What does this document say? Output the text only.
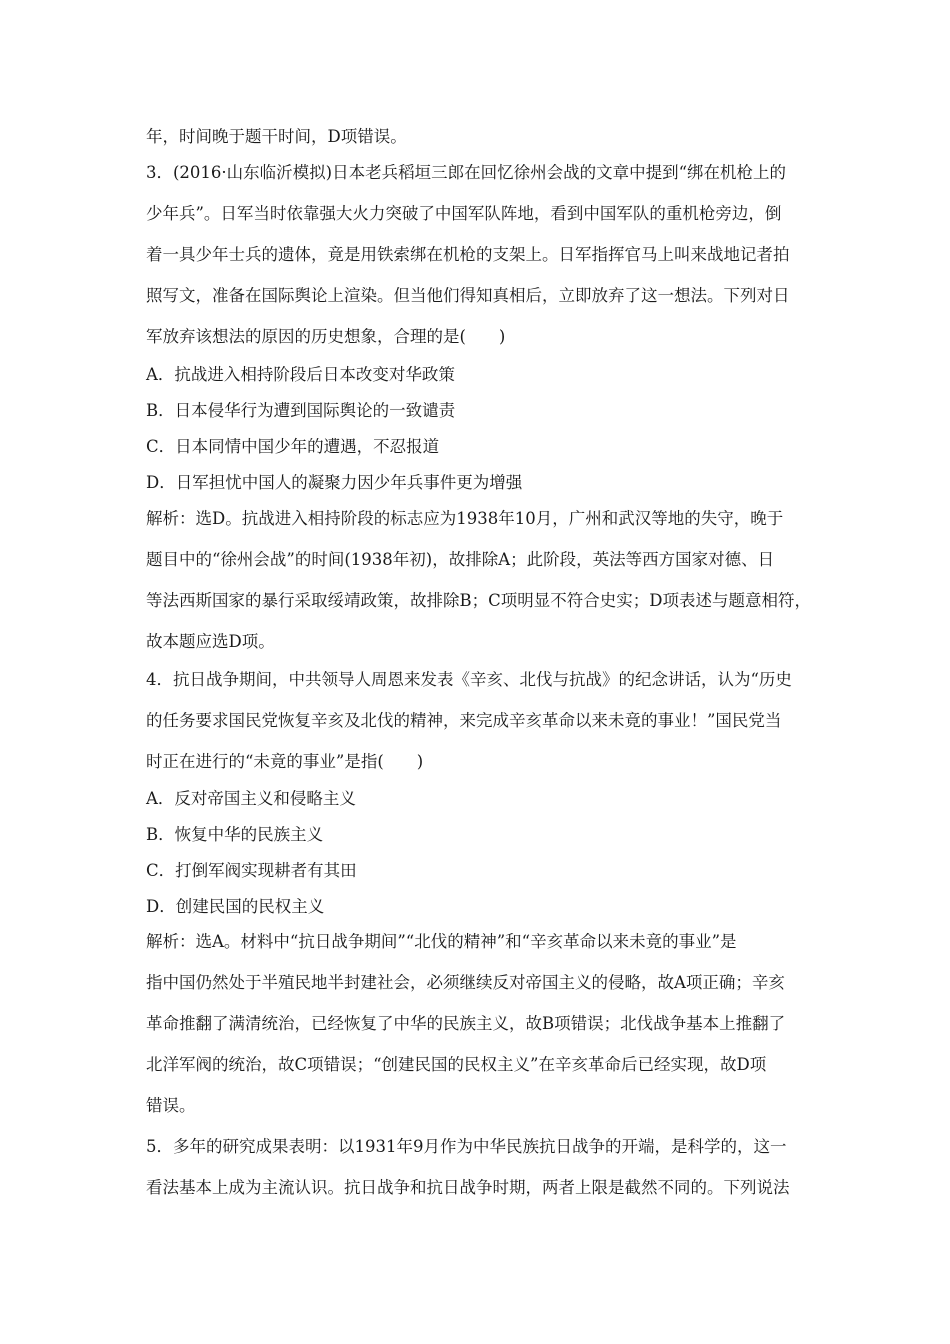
年，时间晚于题干时间，D项错误。
3．(2016·山东临沂模拟)日本老兵稻垣三郎在回忆徐州会战的文章中提到“绑在机枪上的
少年兵”。日军当时依靠强大火力突破了中国军队阵地，看到中国军队的重机枪旁边，倒
着一具少年士兵的遗体，竟是用铁索绑在机枪的支架上。日军指挥官马上叫来战地记者拍
照写文，准备在国际舆论上渲染。但当他们得知真相后，立即放弃了这一想法。下列对日
军放弃该想法的原因的历史想象，合理的是(　　)
A．抗战进入相持阶段后日本改变对华政策
B．日本侵华行为遭到国际舆论的一致谴责
C．日本同情中国少年的遭遇，不忍报道
D．日军担忧中国人的凝聚力因少年兵事件更为增强
解析：选D。抗战进入相持阶段的标志应为1938年10月，广州和武汉等地的失守，晚于
题目中的“徐州会战”的时间(1938年初)，故排除A；此阶段，英法等西方国家对德、日
等法西斯国家的暴行采取绥靖政策，故排除B；C项明显不符合史实；D项表述与题意相符，
故本题应选D项。
4．抗日战争期间，中共领导人周恩来发表《辛亥、北伐与抗战》的纪念讲话，认为“历史
的任务要求国民党恢复辛亥及北伐的精神，来完成辛亥革命以来未竟的事业！”国民党当
时正在进行的“未竟的事业”是指(　　)
A．反对帝国主义和侵略主义
B．恢复中华的民族主义
C．打倒军阀实现耕者有其田
D．创建民国的民权主义
解析：选A。材料中“抗日战争期间”“北伐的精神”和“辛亥革命以来未竟的事业”是
指中国仍然处于半殖民地半封建社会，必须继续反对帝国主义的侵略，故A项正确；辛亥
革命推翻了满清统治，已经恢复了中华的民族主义，故B项错误；北伐战争基本上推翻了
北洋军阀的统治，故C项错误；“创建民国的民权主义”在辛亥革命后已经实现，故D项
错误。
5．多年的研究成果表明：以1931年9月作为中华民族抗日战争的开端，是科学的，这一
看法基本上成为主流认识。抗日战争和抗日战争时期，两者上限是截然不同的。下列说法
